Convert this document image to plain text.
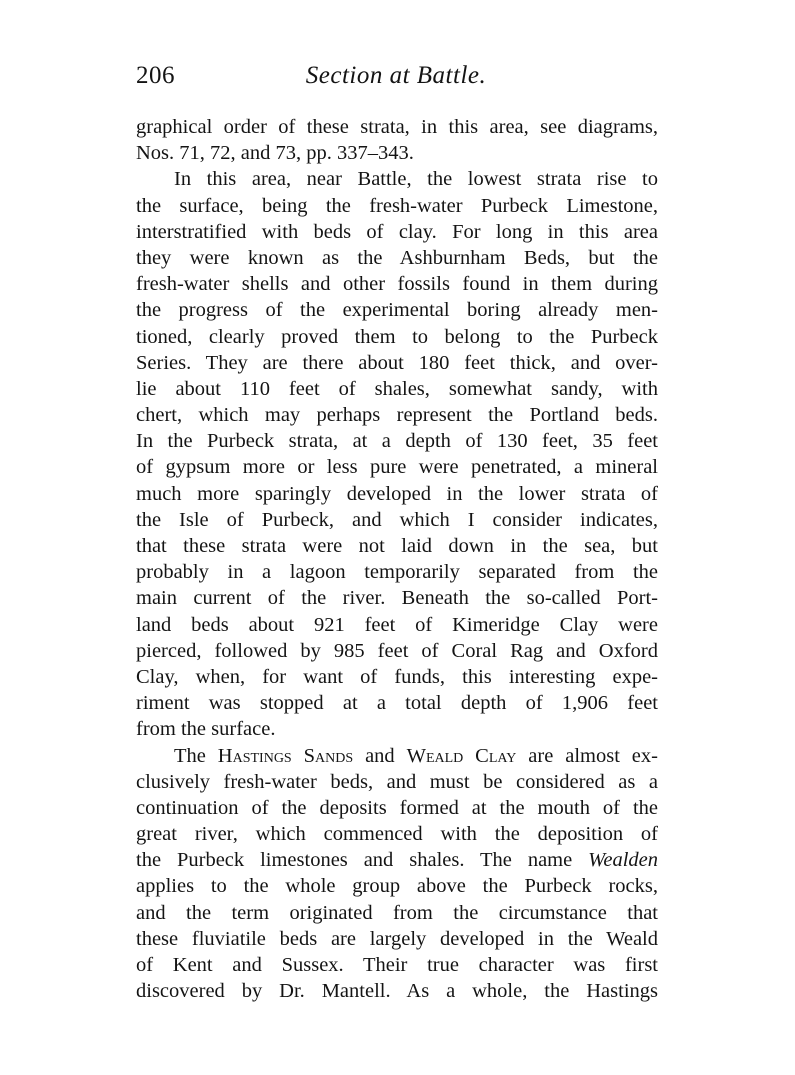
206	Section at Battle.
graphical order of these strata, in this area, see diagrams,
Nos. 71, 72, and 73, pp. 337–343.
In this area, near Battle, the lowest strata rise to
the surface, being the fresh-water Purbeck Limestone,
interstratified with beds of clay. For long in this area
they were known as the Ashburnham Beds, but the
fresh-water shells and other fossils found in them during
the progress of the experimental boring already men-
tioned, clearly proved them to belong to the Purbeck
Series. They are there about 180 feet thick, and over-
lie about 110 feet of shales, somewhat sandy, with
chert, which may perhaps represent the Portland beds.
In the Purbeck strata, at a depth of 130 feet, 35 feet
of gypsum more or less pure were penetrated, a mineral
much more sparingly developed in the lower strata of
the Isle of Purbeck, and which I consider indicates,
that these strata were not laid down in the sea, but
probably in a lagoon temporarily separated from the
main current of the river. Beneath the so-called Port-
land beds about 921 feet of Kimeridge Clay were
pierced, followed by 985 feet of Coral Rag and Oxford
Clay, when, for want of funds, this interesting expe-
riment was stopped at a total depth of 1,906 feet
from the surface.
The Hastings Sands and Weald Clay are almost ex-
clusively fresh-water beds, and must be considered as a
continuation of the deposits formed at the mouth of the
great river, which commenced with the deposition of
the Purbeck limestones and shales. The name Wealden
applies to the whole group above the Purbeck rocks,
and the term originated from the circumstance that
these fluviatile beds are largely developed in the Weald
of Kent and Sussex. Their true character was first
discovered by Dr. Mantell. As a whole, the Hastings
